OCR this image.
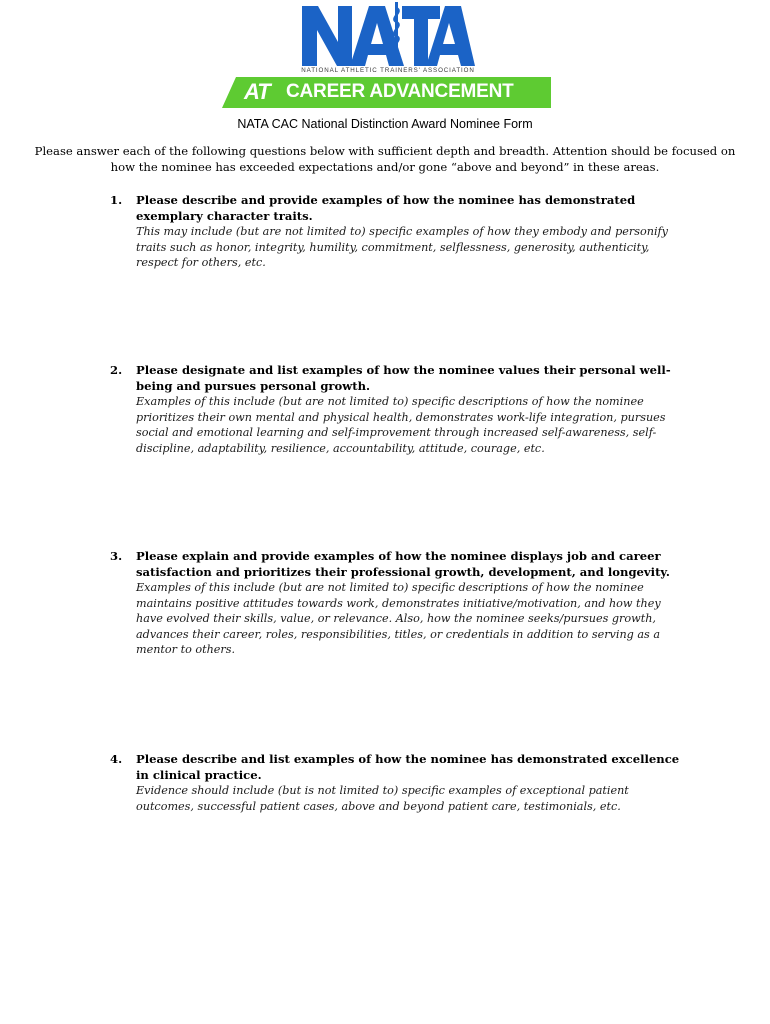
NATIONAL ATHLETIC TRAINERS' ASSOCIATION
AT CAREER ADVANCEMENT
NATA CAC National Distinction Award Nominee Form
Please answer each of the following questions below with sufficient depth and breadth. Attention should be focused on how the nominee has exceeded expectations and/or gone “above and beyond” in these areas.
1. Please describe and provide examples of how the nominee has demonstrated exemplary character traits.
This may include (but are not limited to) specific examples of how they embody and personify traits such as honor, integrity, humility, commitment, selflessness, generosity, authenticity, respect for others, etc.
2. Please designate and list examples of how the nominee values their personal well-being and pursues personal growth.
Examples of this include (but are not limited to) specific descriptions of how the nominee prioritizes their own mental and physical health, demonstrates work-life integration, pursues social and emotional learning and self-improvement through increased self-awareness, self-discipline, adaptability, resilience, accountability, attitude, courage, etc.
3. Please explain and provide examples of how the nominee displays job and career satisfaction and prioritizes their professional growth, development, and longevity.
Examples of this include (but are not limited to) specific descriptions of how the nominee maintains positive attitudes towards work, demonstrates initiative/motivation, and how they have evolved their skills, value, or relevance. Also, how the nominee seeks/pursues growth, advances their career, roles, responsibilities, titles, or credentials in addition to serving as a mentor to others.
4. Please describe and list examples of how the nominee has demonstrated excellence in clinical practice.
Evidence should include (but is not limited to) specific examples of exceptional patient outcomes, successful patient cases, above and beyond patient care, testimonials, etc.
